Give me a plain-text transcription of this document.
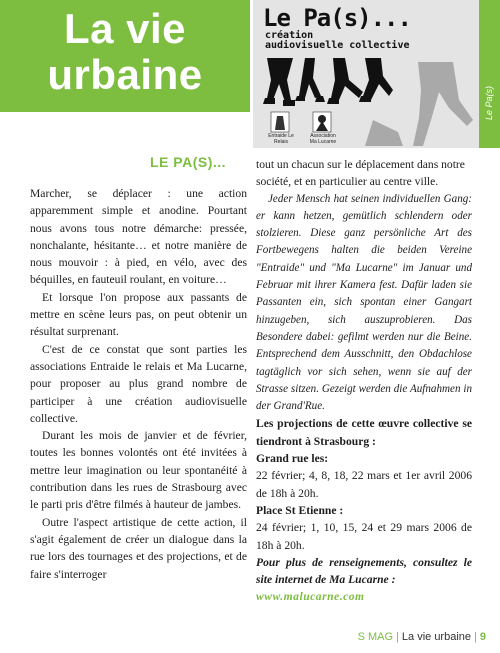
La vie
urbaine
Le Pa(s)...
création
audiovisuelle collective
Entraide Le Relais
Association Ma Lucarne
Le Pa(s)
LE PA(S)...

Marcher, se déplacer : une action apparemment simple et anodine. Pourtant nous avons tous notre démarche: pressée, nonchalante, hésitante… et notre manière de nous mouvoir : à pied, en vélo, avec des béquilles, en fauteuil roulant, en voiture…

Et lorsque l'on propose aux passants de mettre en scène leurs pas, on peut obtenir un résultat surprenant.

C'est de ce constat que sont parties les associations Entraide le relais et Ma Lucarne, pour proposer au plus grand nombre de participer à une création audiovisuelle collective.

Durant les mois de janvier et de février, toutes les bonnes volontés ont été invitées à mettre leur imagination ou leur spontanéité à contribution dans les rues de Strasbourg avec le parti pris d'être filmés à hauteur de jambes.

Outre l'aspect artistique de cette action, il s'agit également de créer un dialogue dans la rue lors des tournages et des projections, et de faire s'interroger

tout un chacun sur le déplacement dans notre société, et en particulier au centre ville.

Jeder Mensch hat seinen individuellen Gang: er kann hetzen, gemütlich schlendern oder stolzieren. Diese ganz persönliche Art des Fortbewegens halten die beiden Vereine "Entraide" und "Ma Lucarne" im Januar und Februar mit ihrer Kamera fest. Dafür laden sie Passanten ein, sich spontan einer Gangart hinzugeben, sich auszuprobieren. Das Besondere dabei: gefilmt werden nur die Beine. Entsprechend dem Ausschnitt, den Obdachlose tagtäglich vor sich sehen, wenn sie auf der Strasse sitzen. Gezeigt werden die Aufnahmen in der Grand'Rue.

Les projections de cette œuvre collective se tiendront à Strasbourg :

Grand rue les:

22 février; 4, 8, 18, 22 mars et 1er avril 2006 de 18h à 20h.

Place St Etienne :

24 février; 1, 10, 15, 24 et 29 mars 2006 de 18h à 20h.

Pour plus de renseignements, consultez le site internet de Ma Lucarne :

www.malucarne.com

S MAG | La vie urbaine | 9
